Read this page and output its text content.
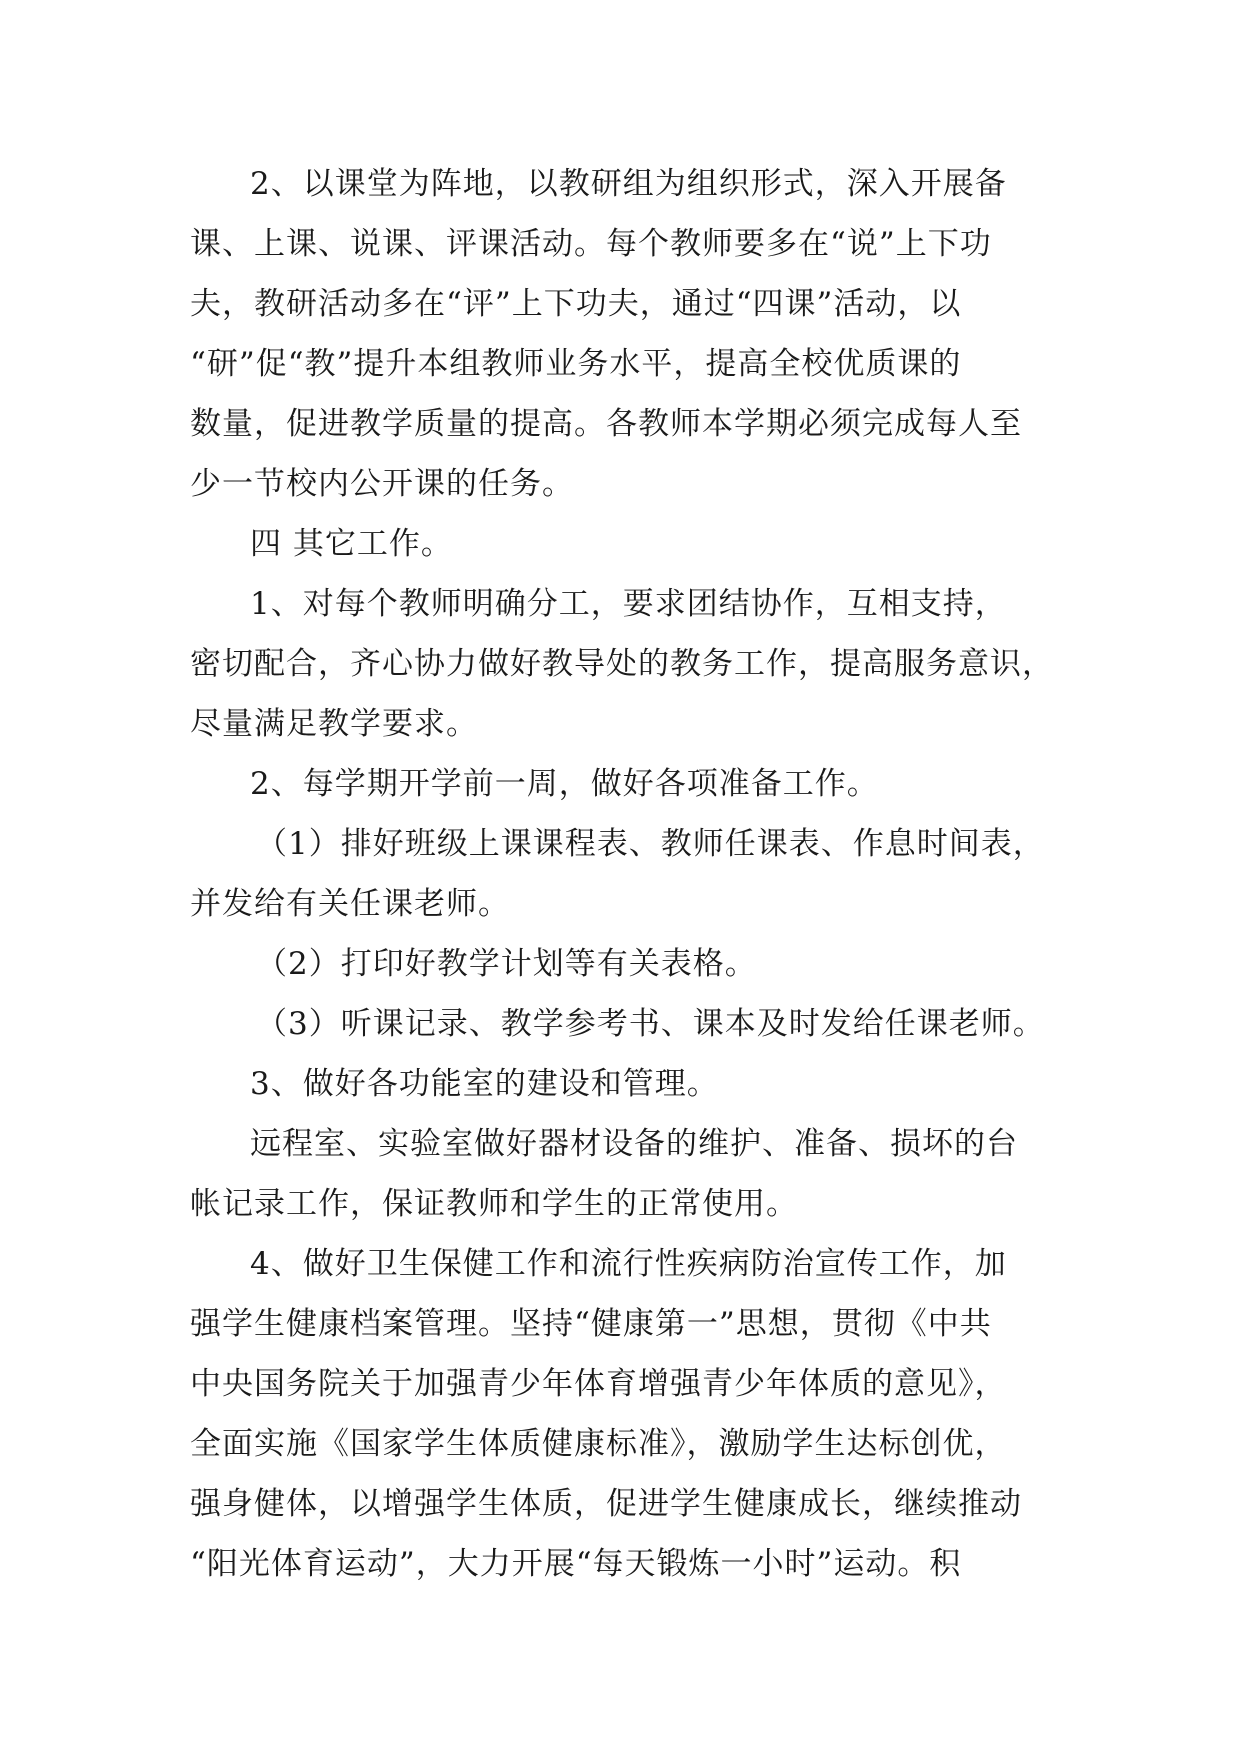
2、以课堂为阵地，以教研组为组织形式，深入开展备
课、上课、说课、评课活动。每个教师要多在“说”上下功
夫，教研活动多在“评”上下功夫，通过“四课”活动，以
“研”促“教”提升本组教师业务水平，提高全校优质课的
数量，促进教学质量的提高。各教师本学期必须完成每人至
少一节校内公开课的任务。
四 其它工作。
1、对每个教师明确分工，要求团结协作，互相支持，
密切配合，齐心协力做好教导处的教务工作，提高服务意识，
尽量满足教学要求。
2、每学期开学前一周，做好各项准备工作。
（1）排好班级上课课程表、教师任课表、作息时间表，
并发给有关任课老师。
（2）打印好教学计划等有关表格。
（3）听课记录、教学参考书、课本及时发给任课老师。
3、做好各功能室的建设和管理。
远程室、实验室做好器材设备的维护、准备、损坏的台
帐记录工作，保证教师和学生的正常使用。
4、做好卫生保健工作和流行性疾病防治宣传工作，加
强学生健康档案管理。坚持“健康第一”思想，贯彻《中共
中央国务院关于加强青少年体育增强青少年体质的意见》，
全面实施《国家学生体质健康标准》，激励学生达标创优，
强身健体，以增强学生体质，促进学生健康成长，继续推动
“阳光体育运动”，大力开展“每天锻炼一小时”运动。积
